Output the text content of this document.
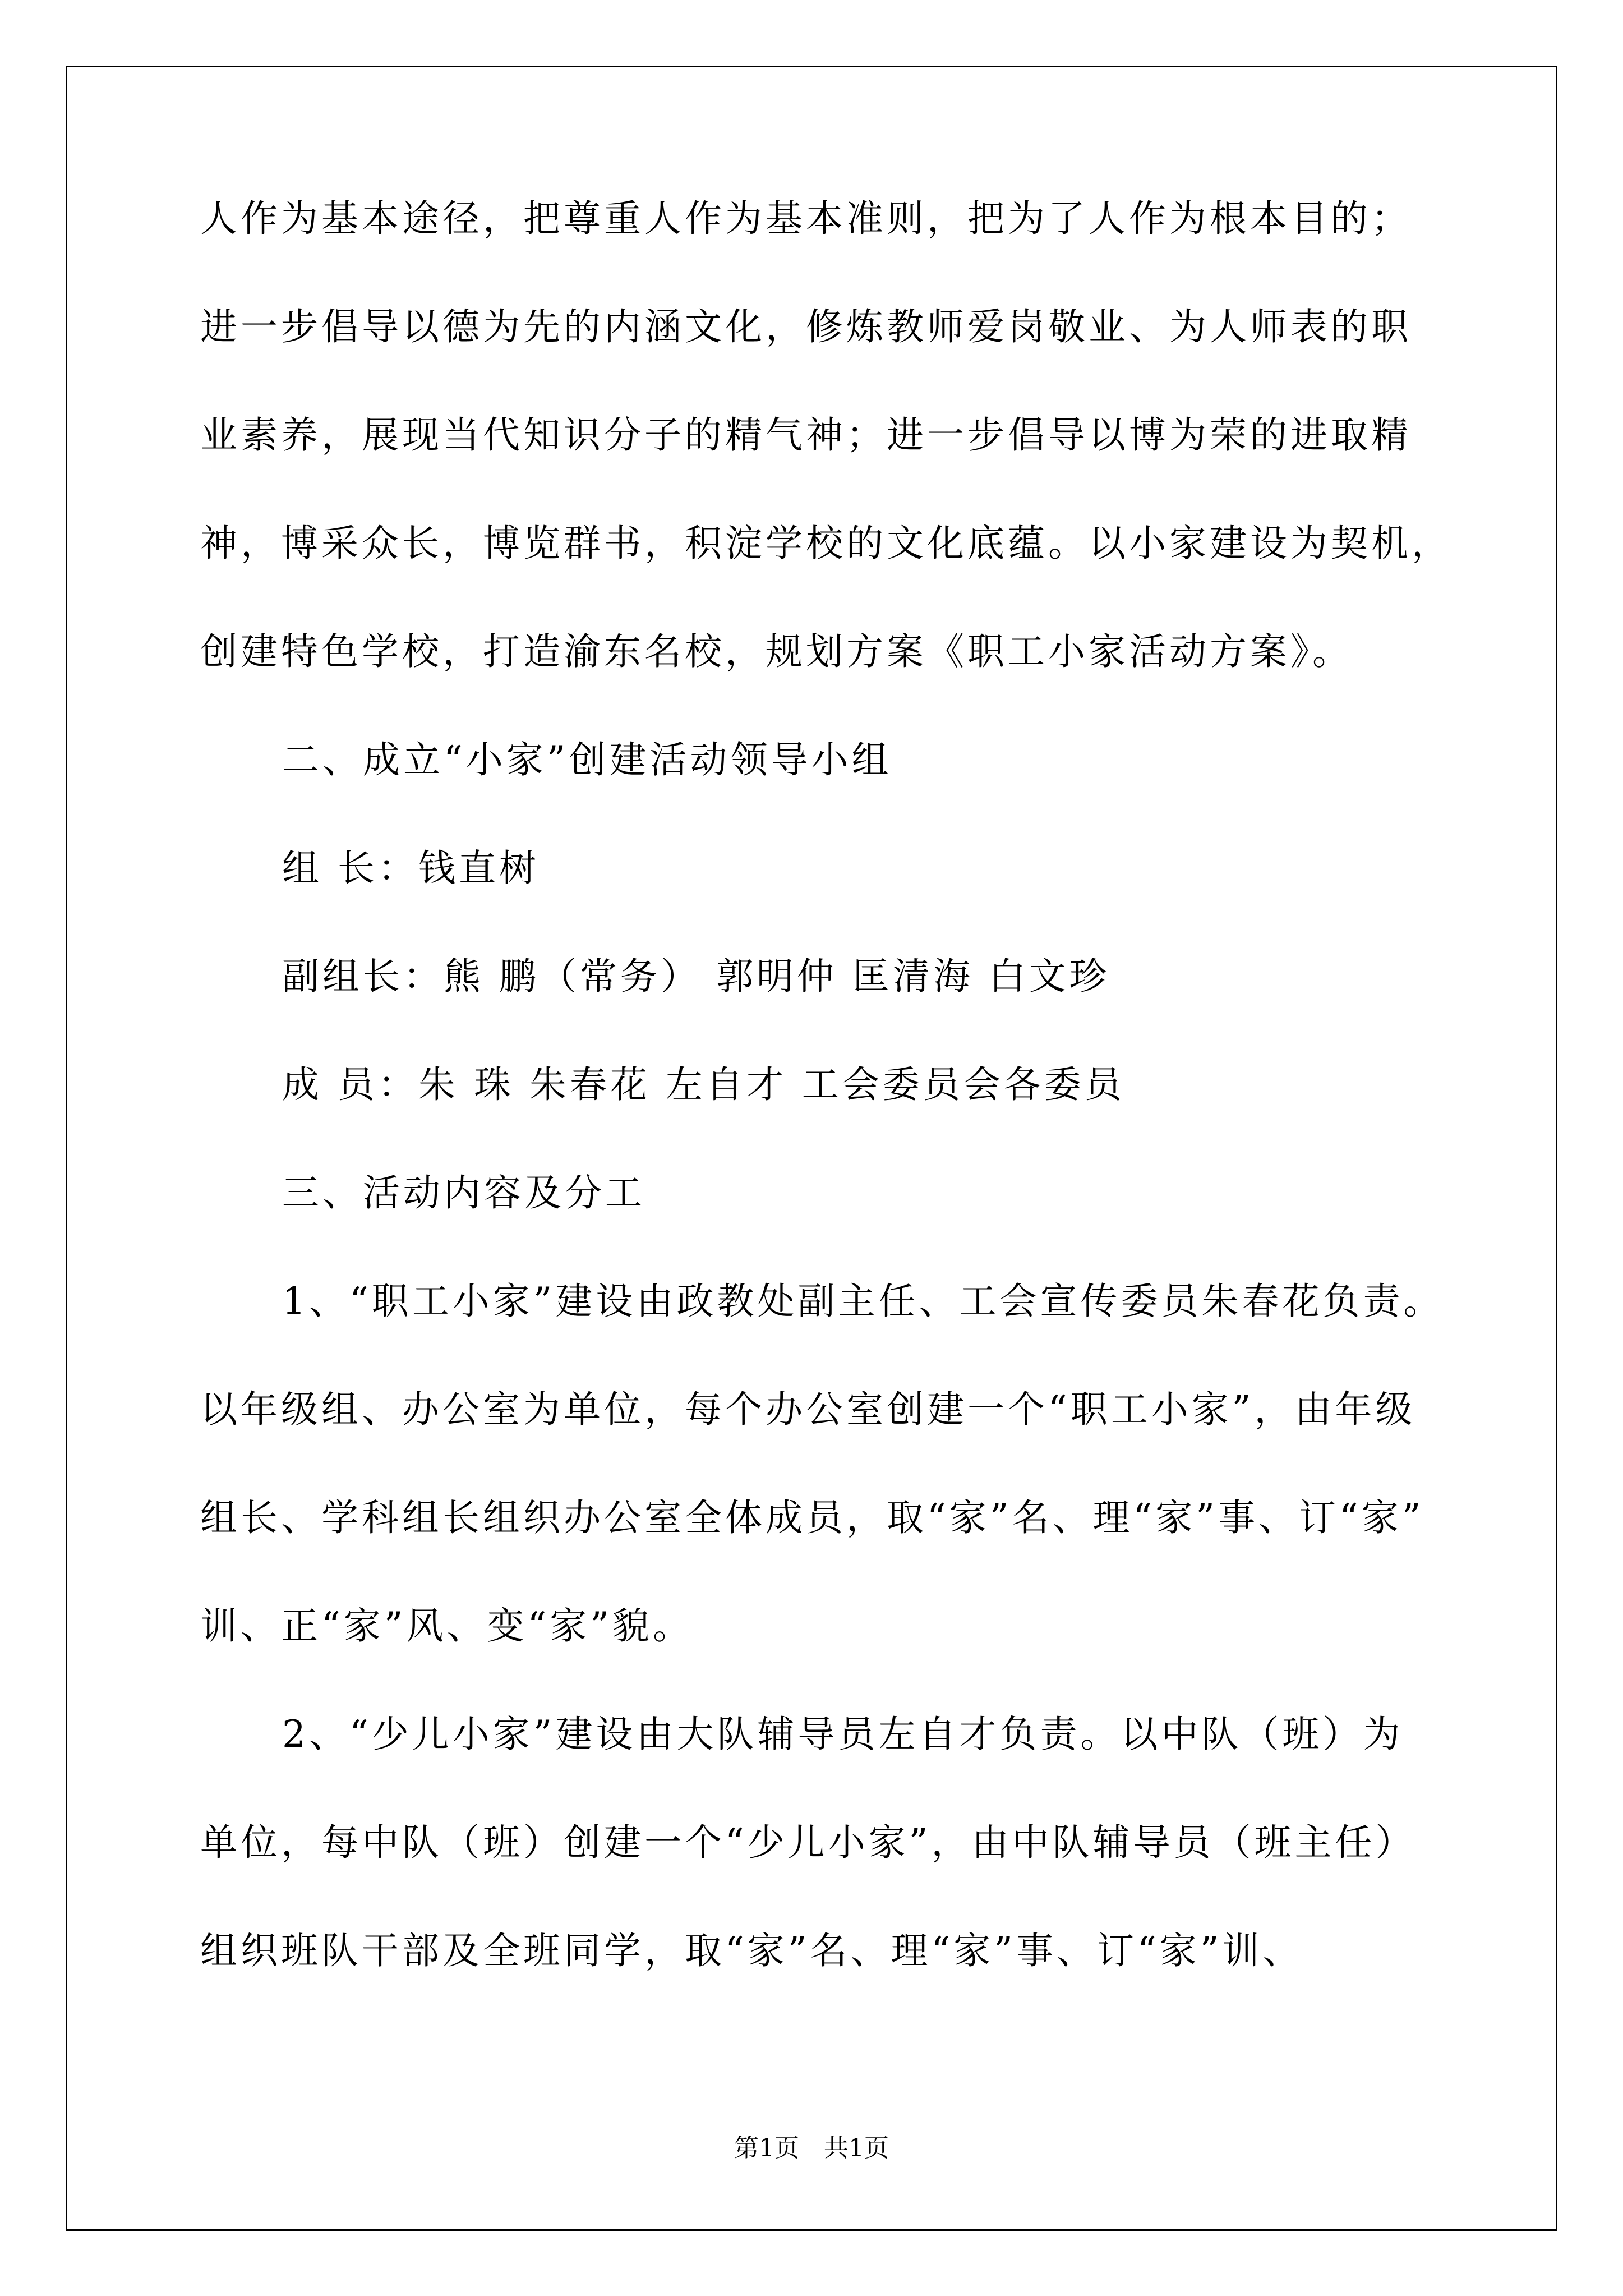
人作为基本途径，把尊重人作为基本准则，把为了人作为根本目的；
进一步倡导以德为先的内涵文化，修炼教师爱岗敬业、为人师表的职
业素养，展现当代知识分子的精气神；进一步倡导以博为荣的进取精
神，博采众长，博览群书，积淀学校的文化底蕴。以小家建设为契机，
创建特色学校，打造渝东名校，规划方案《职工小家活动方案》。
二、成立“小家”创建活动领导小组
组 长：钱直树
副组长：熊 鹏（常务） 郭明仲 匡清海 白文珍
成 员：朱 珠 朱春花 左自才 工会委员会各委员
三、活动内容及分工
1、“职工小家”建设由政教处副主任、工会宣传委员朱春花负责。
以年级组、办公室为单位，每个办公室创建一个“职工小家”，由年级
组长、学科组长组织办公室全体成员，取“家”名、理“家”事、订“家”
训、正“家”风、变“家”貌。
2、“少儿小家”建设由大队辅导员左自才负责。以中队（班）为
单位，每中队（班）创建一个“少儿小家”，由中队辅导员（班主任）
组织班队干部及全班同学，取“家”名、理“家”事、订“家”训、
第1页　共1页
